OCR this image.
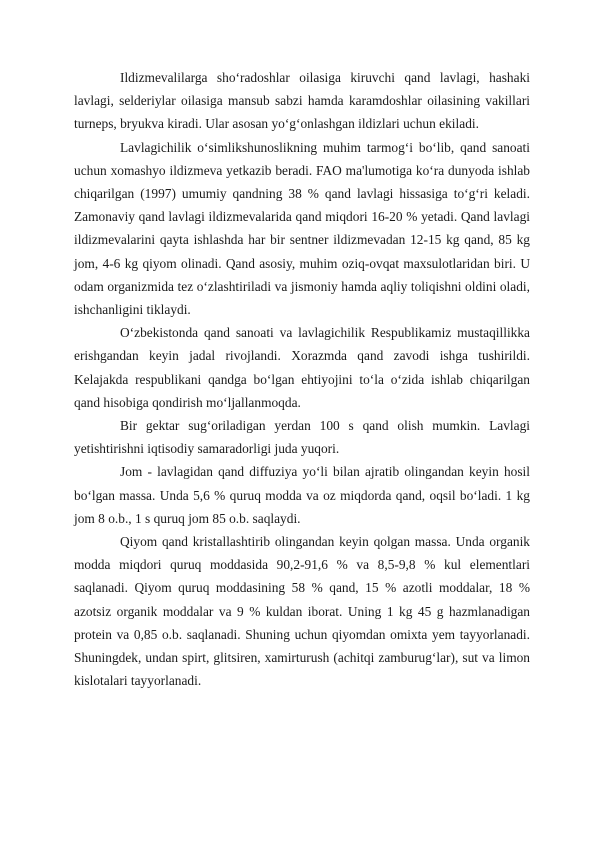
Ildizmevalilarga sho‘radoshlar oilasiga kiruvchi qand lavlagi, hashaki lavlagi, selderiylar oilasiga mansub sabzi hamda karamdoshlar oilasining vakillari turneps, bryukva kiradi. Ular asosan yo‘g‘onlashgan ildizlari uchun ekiladi.

Lavlagichilik o‘simlikshunoslikning muhim tarmog‘i bo‘lib, qand sanoati uchun xomashyo ildizmeva yetkazib beradi. FAO ma'lumotiga ko‘ra dunyoda ishlab chiqarilgan (1997) umumiy qandning 38 % qand lavlagi hissasiga to‘g‘ri keladi. Zamonaviy qand lavlagi ildizmevalarida qand miqdori 16-20 % yetadi. Qand lavlagi ildizmevalarini qayta ishlashda har bir sentner ildizmevadan 12-15 kg qand, 85 kg jom, 4-6 kg qiyom olinadi. Qand asosiy, muhim oziq-ovqat maxsulotlaridan biri. U odam organizmida tez o‘zlashtiriladi va jismoniy hamda aqliy toliqishni oldini oladi, ishchanligini tiklaydi.

O‘zbekistonda qand sanoati va lavlagichilik Respublikamiz mustaqillikka erishgandan keyin jadal rivojlandi. Xorazmda qand zavodi ishga tushirildi. Kelajakda respublikani qandga bo‘lgan ehtiyojini to‘la o‘zida ishlab chiqarilgan qand hisobiga qondirish mo‘ljallanmoqda.

Bir gektar sug‘oriladigan yerdan 100 s qand olish mumkin. Lavlagi yetishtirishni iqtisodiy samaradorligi juda yuqori.

Jom - lavlagidan qand diffuziya yo‘li bilan ajratib olingandan keyin hosil bo‘lgan massa. Unda 5,6 % quruq modda va oz miqdorda qand, oqsil bo‘ladi. 1 kg jom 8 o.b., 1 s quruq jom 85 o.b. saqlaydi.

Qiyom qand kristallashtirib olingandan keyin qolgan massa. Unda organik modda miqdori quruq moddasida 90,2-91,6 % va 8,5-9,8 % kul elementlari saqlanadi. Qiyom quruq moddasining 58 % qand, 15 % azotli moddalar, 18 % azotsiz organik moddalar va 9 % kuldan iborat. Uning 1 kg 45 g hazmlanadigan protein va 0,85 o.b. saqlanadi. Shuning uchun qiyomdan omixta yem tayyorlanadi. Shuningdek, undan spirt, glitsiren, xamirturush (achitqi zamburug‘lar), sut va limon kislotalari tayyorlanadi.
